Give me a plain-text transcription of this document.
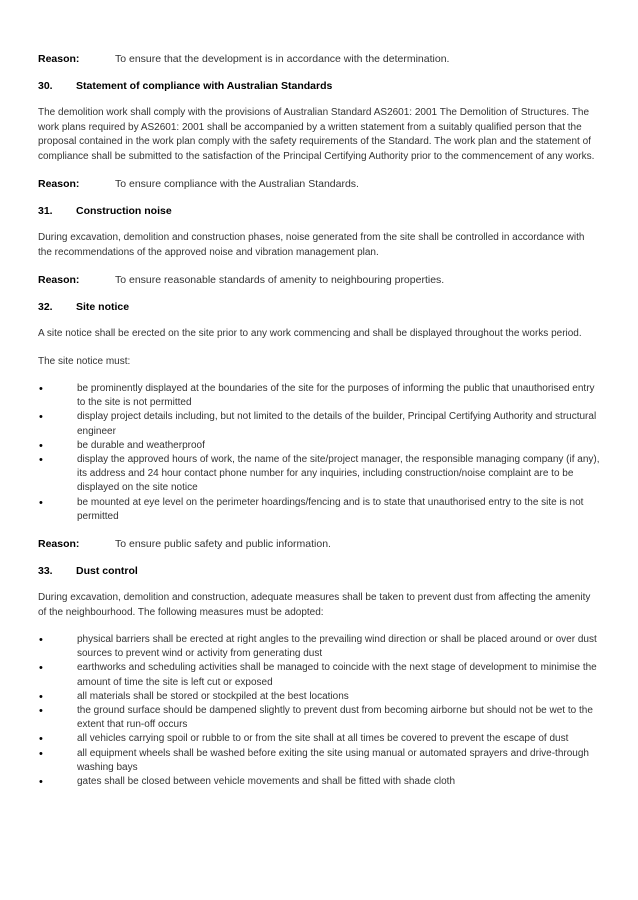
Reason:	To ensure that the development is in accordance with the determination.
30.	Statement of compliance with Australian Standards

The demolition work shall comply with the provisions of Australian Standard AS2601: 2001 The Demolition of Structures. The work plans required by AS2601: 2001 shall be accompanied by a written statement from a suitably qualified person that the proposal contained in the work plan comply with the safety requirements of the Standard. The work plan and the statement of compliance shall be submitted to the satisfaction of the Principal Certifying Authority prior to the commencement of any works.

Reason:	To ensure compliance with the Australian Standards.
31.	Construction noise

During excavation, demolition and construction phases, noise generated from the site shall be controlled in accordance with the recommendations of the approved noise and vibration management plan.

Reason:	To ensure reasonable standards of amenity to neighbouring properties.
32.	Site notice

A site notice shall be erected on the site prior to any work commencing and shall be displayed throughout the works period.

The site notice must:

•	be prominently displayed at the boundaries of the site for the purposes of informing the public that unauthorised entry to the site is not permitted
•	display project details including, but not limited to the details of the builder, Principal Certifying Authority and structural engineer
•	be durable and weatherproof
•	display the approved hours of work, the name of the site/project manager, the responsible managing company (if any), its address and 24 hour contact phone number for any inquiries, including construction/noise complaint are to be displayed on the site notice
•	be mounted at eye level on the perimeter hoardings/fencing and is to state that unauthorised entry to the site is not permitted
Reason:	To ensure public safety and public information.
33.	Dust control

During excavation, demolition and construction, adequate measures shall be taken to prevent dust from affecting the amenity of the neighbourhood. The following measures must be adopted:

•	physical barriers shall be erected at right angles to the prevailing wind direction or shall be placed around or over dust sources to prevent wind or activity from generating dust
•	earthworks and scheduling activities shall be managed to coincide with the next stage of development to minimise the amount of time the site is left cut or exposed
•	all materials shall be stored or stockpiled at the best locations
•	the ground surface should be dampened slightly to prevent dust from becoming airborne but should not be wet to the extent that run-off occurs
•	all vehicles carrying spoil or rubble to or from the site shall at all times be covered to prevent the escape of dust
•	all equipment wheels shall be washed before exiting the site using manual or automated sprayers and drive-through washing bays
•	gates shall be closed between vehicle movements and shall be fitted with shade cloth
